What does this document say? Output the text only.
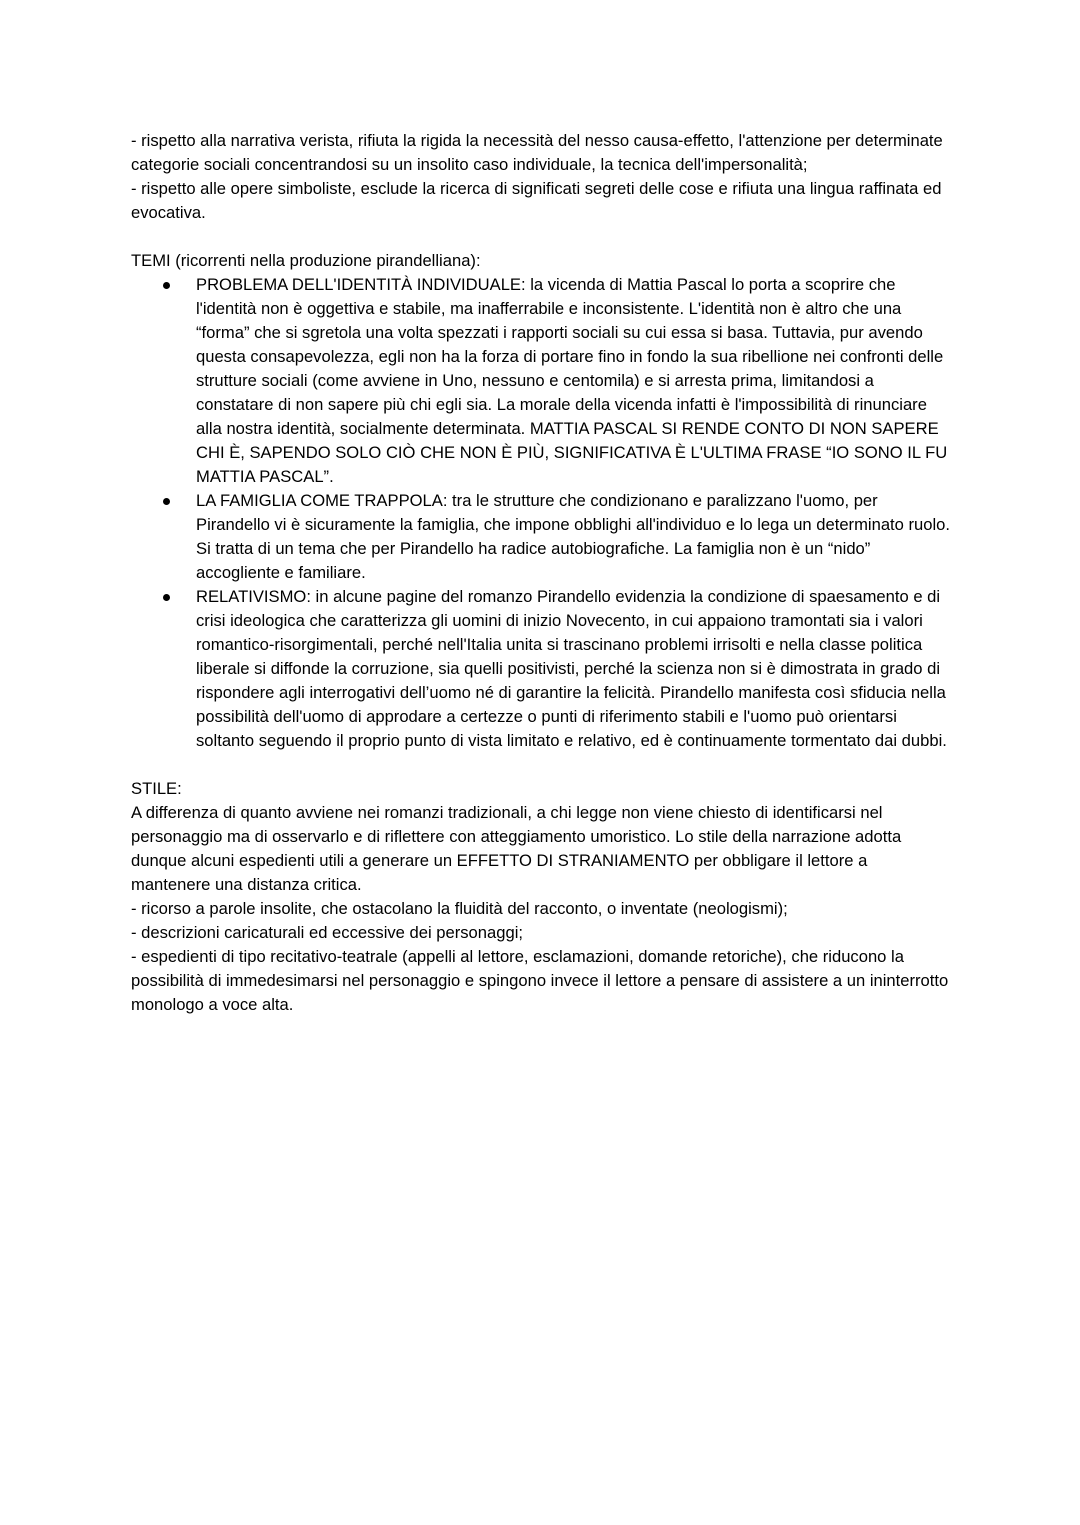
- rispetto alla narrativa verista, rifiuta la rigida la necessità del nesso causa-effetto, l'attenzione per determinate categorie sociali concentrandosi su un insolito caso individuale, la tecnica dell'impersonalità;

- rispetto alle opere simboliste, esclude la ricerca di significati segreti delle cose e rifiuta una lingua raffinata ed evocativa.

TEMI (ricorrenti nella produzione pirandelliana):

PROBLEMA DELL'IDENTITÀ INDIVIDUALE: la vicenda di Mattia Pascal lo porta a scoprire che l'identità non è oggettiva e stabile, ma inafferrabile e inconsistente. L'identità non è altro che una “forma” che si sgretola una volta spezzati i rapporti sociali su cui essa si basa. Tuttavia, pur avendo questa consapevolezza, egli non ha la forza di portare fino in fondo la sua ribellione nei confronti delle strutture sociali (come avviene in Uno, nessuno e centomila) e si arresta prima, limitandosi a constatare di non sapere più chi egli sia. La morale della vicenda infatti è l'impossibilità di rinunciare alla nostra identità, socialmente determinata. MATTIA PASCAL SI RENDE CONTO DI NON SAPERE CHI È, SAPENDO SOLO CIÒ CHE NON È PIÙ, SIGNIFICATIVA È L'ULTIMA FRASE “IO SONO IL FU MATTIA PASCAL”.
LA FAMIGLIA COME TRAPPOLA: tra le strutture che condizionano e paralizzano l'uomo, per Pirandello vi è sicuramente la famiglia, che impone obblighi all'individuo e lo lega un determinato ruolo. Si tratta di un tema che per Pirandello ha radice autobiografiche. La famiglia non è un “nido” accogliente e familiare.
RELATIVISMO: in alcune pagine del romanzo Pirandello evidenzia la condizione di spaesamento e di crisi ideologica che caratterizza gli uomini di inizio Novecento, in cui appaiono tramontati sia i valori romantico-risorgimentali, perché nell'Italia unita si trascinano problemi irrisolti e nella classe politica liberale si diffonde la corruzione, sia quelli positivisti, perché la scienza non si è dimostrata in grado di rispondere agli interrogativi dell’uomo né di garantire la felicità. Pirandello manifesta così sfiducia nella possibilità dell'uomo di approdare a certezze o punti di riferimento stabili e l'uomo può orientarsi soltanto seguendo il proprio punto di vista limitato e relativo, ed è continuamente tormentato dai dubbi.

STILE:

A differenza di quanto avviene nei romanzi tradizionali, a chi legge non viene chiesto di identificarsi nel personaggio ma di osservarlo e di riflettere con atteggiamento umoristico. Lo stile della narrazione adotta dunque alcuni espedienti utili a generare un EFFETTO DI STRANIAMENTO per obbligare il lettore a mantenere una distanza critica.

- ricorso a parole insolite, che ostacolano la fluidità del racconto, o inventate (neologismi);

- descrizioni caricaturali ed eccessive dei personaggi;

- espedienti di tipo recitativo-teatrale (appelli al lettore, esclamazioni, domande retoriche), che riducono la possibilità di immedesimarsi nel personaggio e spingono invece il lettore a pensare di assistere a un ininterrotto monologo a voce alta.
